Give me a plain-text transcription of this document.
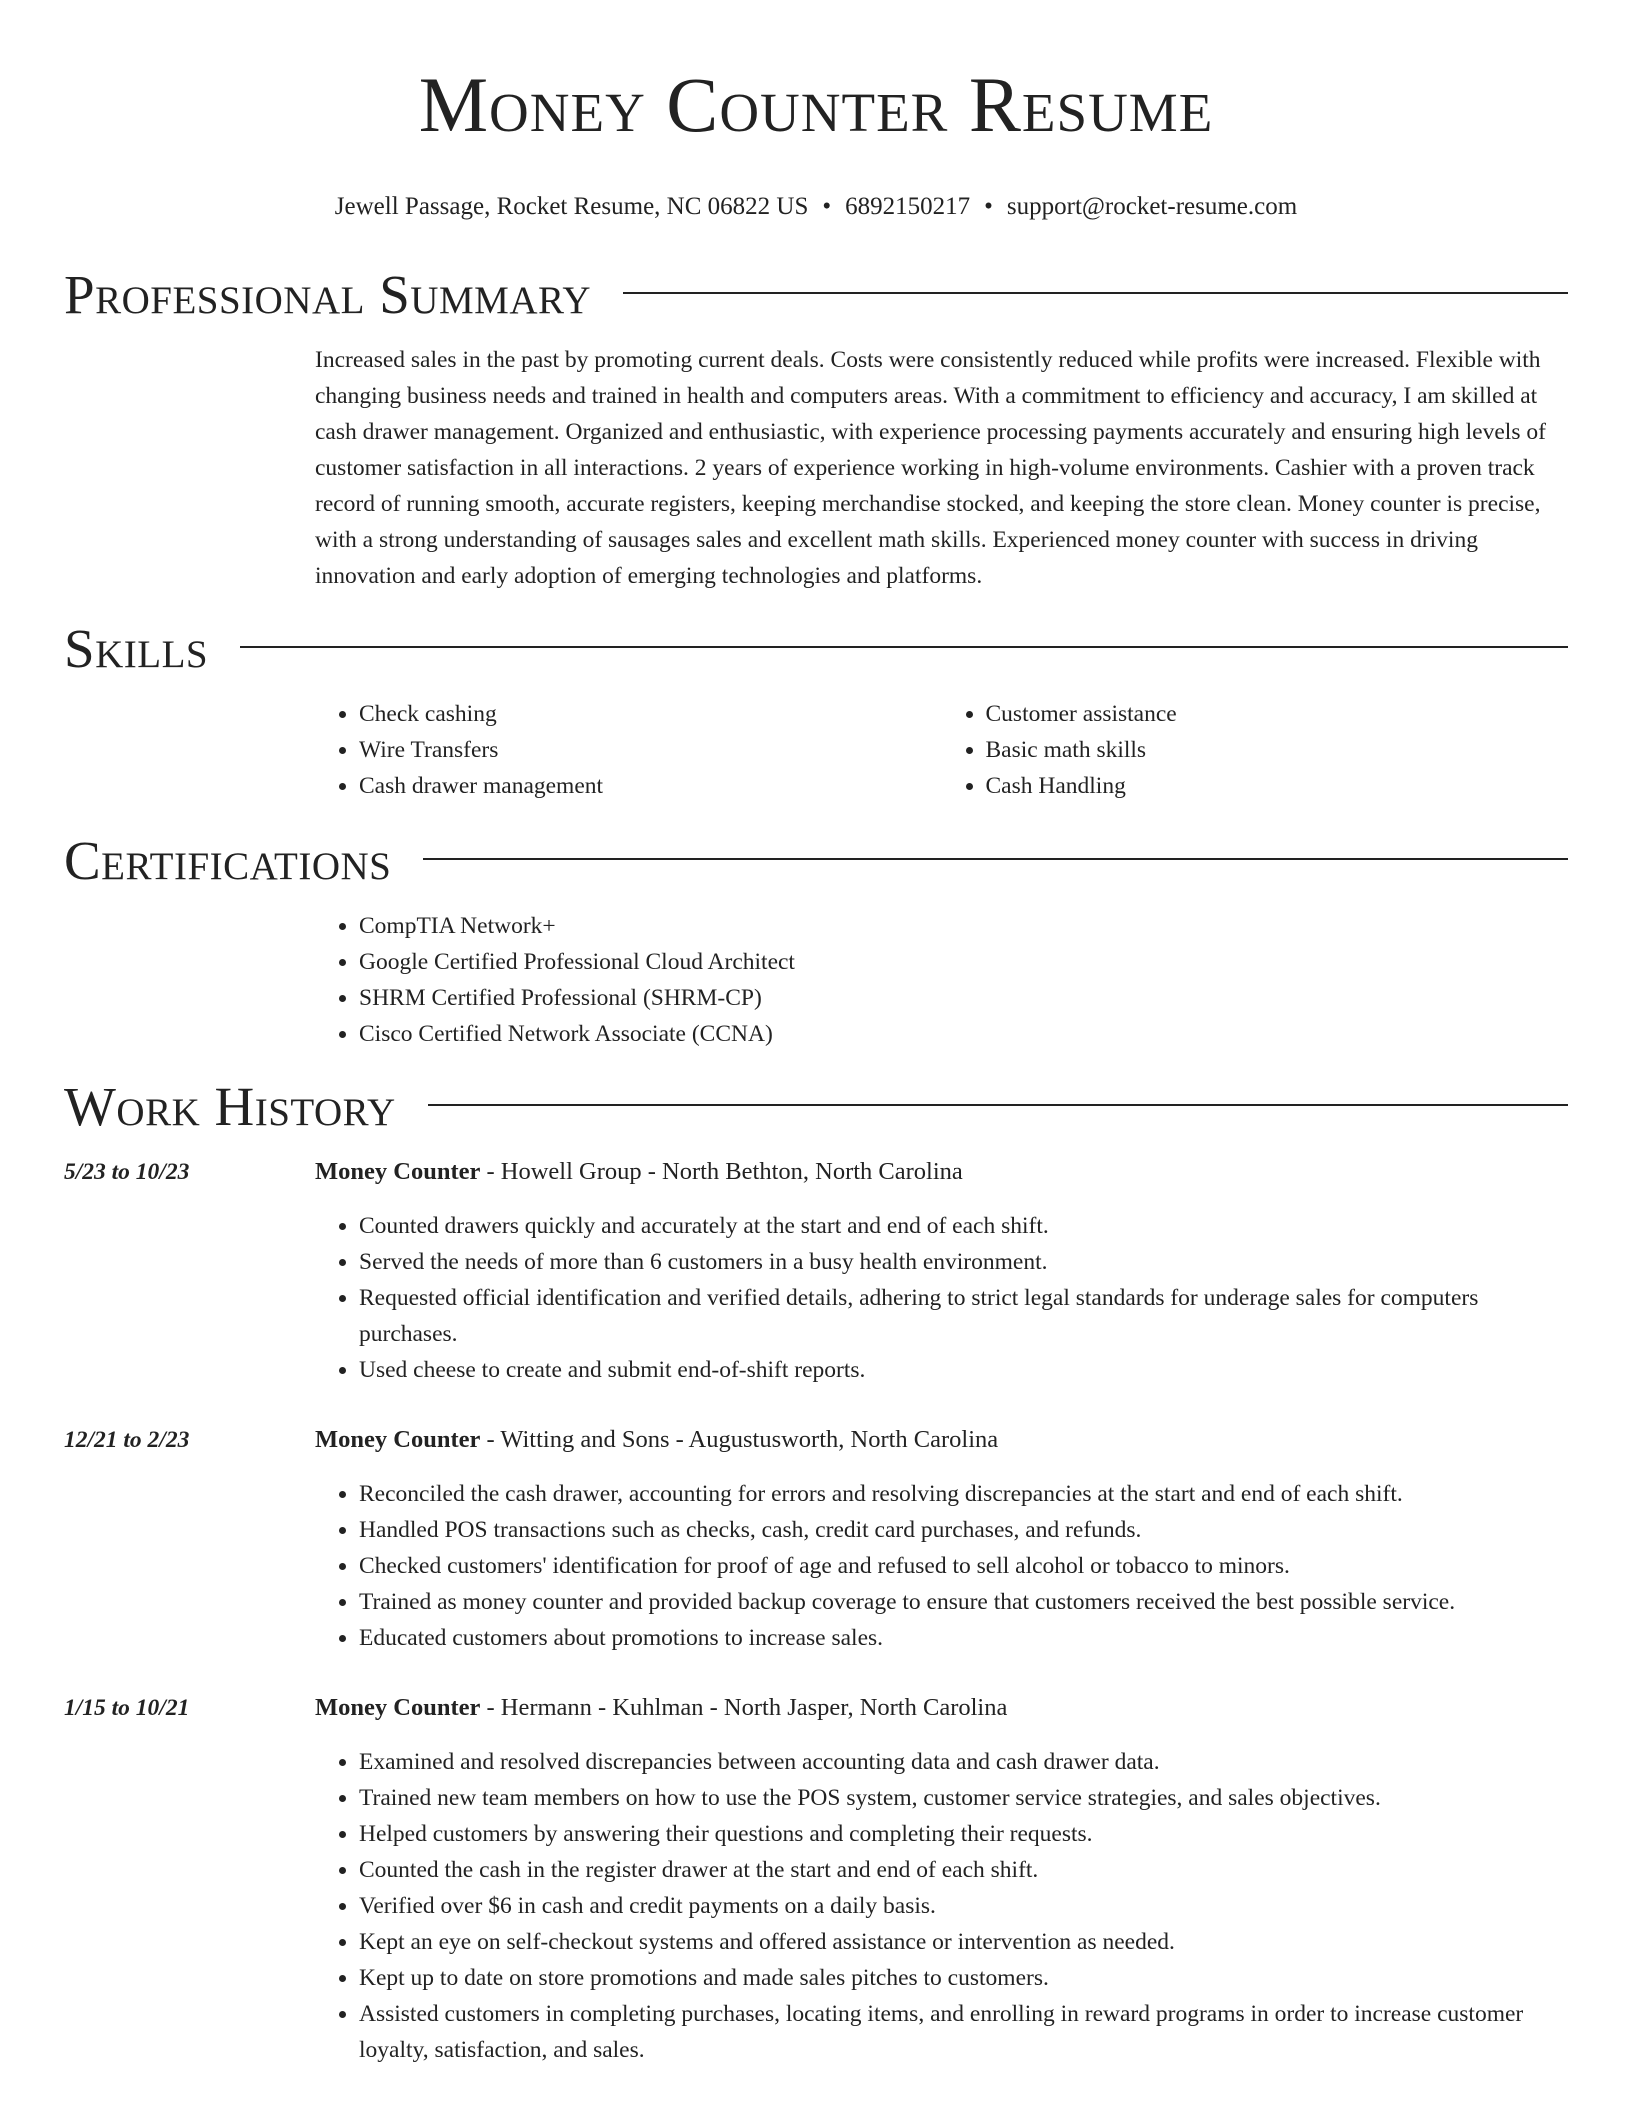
Money Counter Resume
Jewell Passage, Rocket Resume, NC 06822 US • 6892150217 • support@rocket-resume.com
Professional Summary
Increased sales in the past by promoting current deals. Costs were consistently reduced while profits were increased. Flexible with changing business needs and trained in health and computers areas. With a commitment to efficiency and accuracy, I am skilled at cash drawer management. Organized and enthusiastic, with experience processing payments accurately and ensuring high levels of customer satisfaction in all interactions. 2 years of experience working in high-volume environments. Cashier with a proven track record of running smooth, accurate registers, keeping merchandise stocked, and keeping the store clean. Money counter is precise, with a strong understanding of sausages sales and excellent math skills. Experienced money counter with success in driving innovation and early adoption of emerging technologies and platforms.
Skills
• Check cashing
• Wire Transfers
• Cash drawer management
• Customer assistance
• Basic math skills
• Cash Handling
Certifications
• CompTIA Network+
• Google Certified Professional Cloud Architect
• SHRM Certified Professional (SHRM-CP)
• Cisco Certified Network Associate (CCNA)
Work History
5/23 to 10/23	Money Counter - Howell Group - North Bethton, North Carolina
• Counted drawers quickly and accurately at the start and end of each shift.
• Served the needs of more than 6 customers in a busy health environment.
• Requested official identification and verified details, adhering to strict legal standards for underage sales for computers purchases.
• Used cheese to create and submit end-of-shift reports.
12/21 to 2/23	Money Counter - Witting and Sons - Augustusworth, North Carolina
• Reconciled the cash drawer, accounting for errors and resolving discrepancies at the start and end of each shift.
• Handled POS transactions such as checks, cash, credit card purchases, and refunds.
• Checked customers' identification for proof of age and refused to sell alcohol or tobacco to minors.
• Trained as money counter and provided backup coverage to ensure that customers received the best possible service.
• Educated customers about promotions to increase sales.
1/15 to 10/21	Money Counter - Hermann - Kuhlman - North Jasper, North Carolina
• Examined and resolved discrepancies between accounting data and cash drawer data.
• Trained new team members on how to use the POS system, customer service strategies, and sales objectives.
• Helped customers by answering their questions and completing their requests.
• Counted the cash in the register drawer at the start and end of each shift.
• Verified over $6 in cash and credit payments on a daily basis.
• Kept an eye on self-checkout systems and offered assistance or intervention as needed.
• Kept up to date on store promotions and made sales pitches to customers.
• Assisted customers in completing purchases, locating items, and enrolling in reward programs in order to increase customer loyalty, satisfaction, and sales.
